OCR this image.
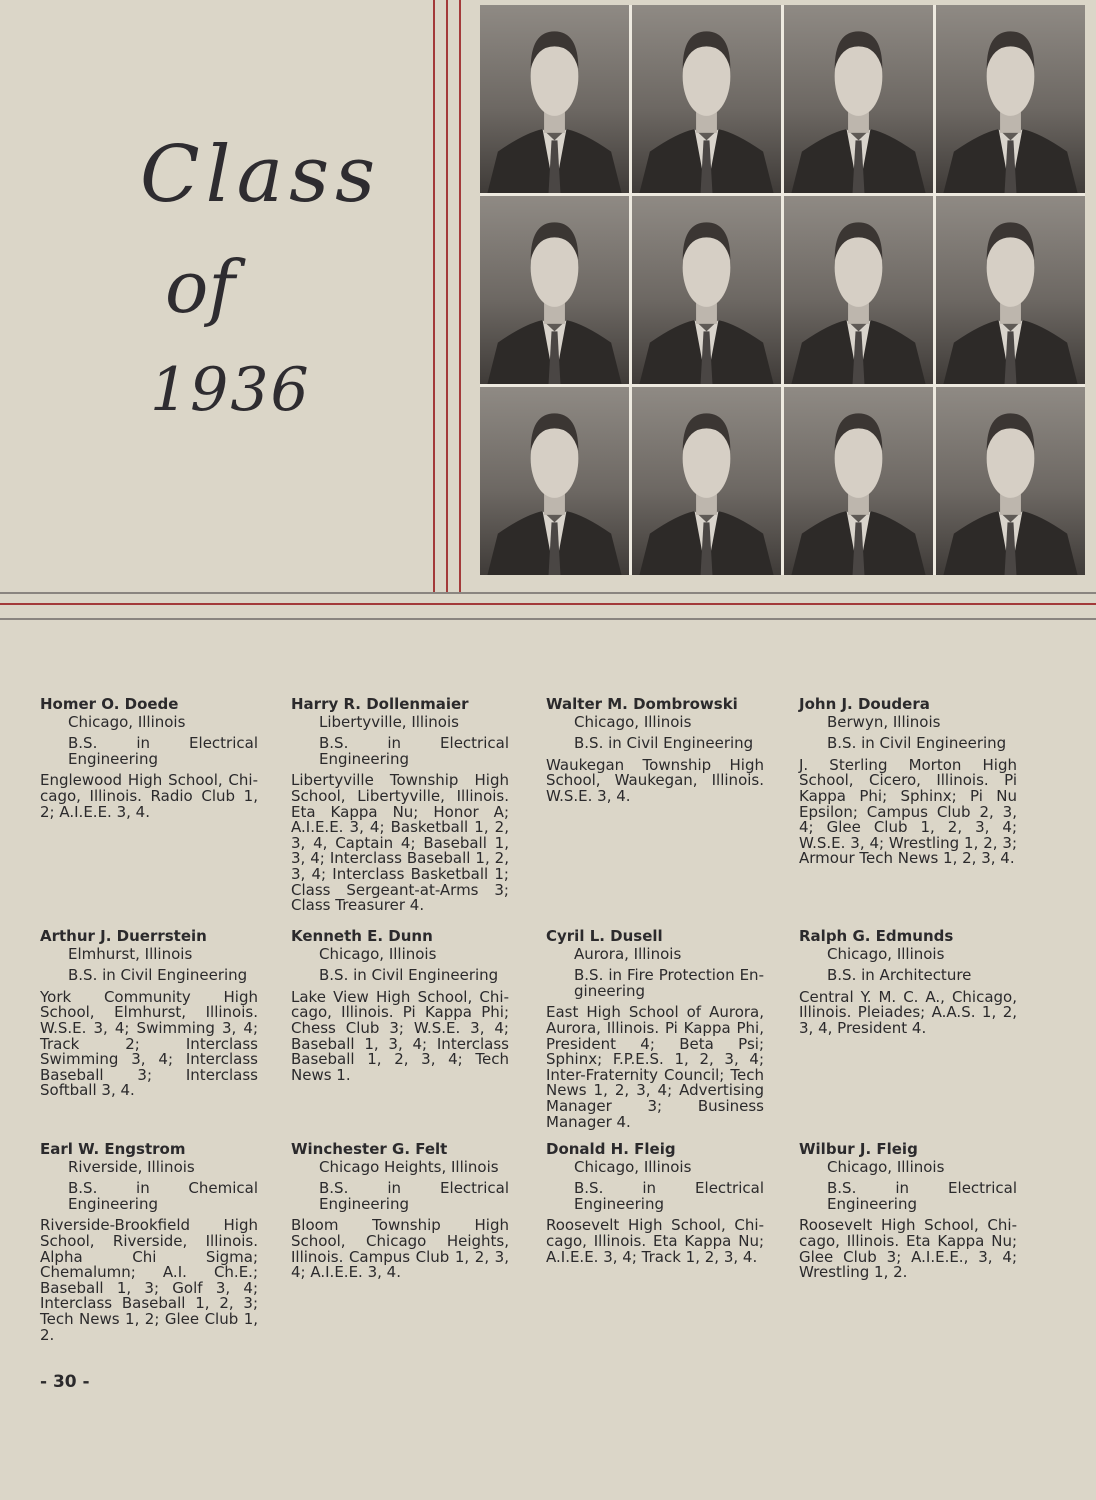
Class
of
1936
Homer O. Doede
Chicago, Illinois
B.S. in Electrical Engineering
Englewood High School, Chicago, Illinois. Radio Club 1, 2; A.I.E.E. 3, 4.
Harry R. Dollenmaier
Libertyville, Illinois
B.S. in Electrical Engineering
Libertyville Township High School, Libertyville, Illinois. Eta Kappa Nu; Honor A; A.I.E.E. 3, 4; Basketball 1, 2, 3, 4, Captain 4; Baseball 1, 3, 4; Interclass Baseball 1, 2, 3, 4; Interclass Basketball 1; Class Sergeant-at-Arms 3; Class Treasurer 4.
Walter M. Dombrowski
Chicago, Illinois
B.S. in Civil Engineering
Waukegan Township High School, Waukegan, Illinois. W.S.E. 3, 4.
John J. Doudera
Berwyn, Illinois
B.S. in Civil Engineering
J. Sterling Morton High School, Cicero, Illinois. Pi Kappa Phi; Sphinx; Pi Nu Epsilon; Campus Club 2, 3, 4; Glee Club 1, 2, 3, 4; W.S.E. 3, 4; Wrestling 1, 2, 3; Armour Tech News 1, 2, 3, 4.
Arthur J. Duerrstein
Elmhurst, Illinois
B.S. in Civil Engineering
York Community High School, Elmhurst, Illinois. W.S.E. 3, 4; Swimming 3, 4; Track 2; Interclass Swimming 3, 4; Interclass Baseball 3; Interclass Softball 3, 4.
Kenneth E. Dunn
Chicago, Illinois
B.S. in Civil Engineering
Lake View High School, Chicago, Illinois. Pi Kappa Phi; Chess Club 3; W.S.E. 3, 4; Baseball 1, 3, 4; Interclass Baseball 1, 2, 3, 4; Tech News 1.
Cyril L. Dusell
Aurora, Illinois
B.S. in Fire Protection Engineering
East High School of Aurora, Aurora, Illinois. Pi Kappa Phi, President 4; Beta Psi; Sphinx; F.P.E.S. 1, 2, 3, 4; Inter-Fraternity Council; Tech News 1, 2, 3, 4; Advertising Manager 3; Business Manager 4.
Ralph G. Edmunds
Chicago, Illinois
B.S. in Architecture
Central Y. M. C. A., Chicago, Illinois. Pleiades; A.A.S. 1, 2, 3, 4, President 4.
Earl W. Engstrom
Riverside, Illinois
B.S. in Chemical Engineering
Riverside-Brookfield High School, Riverside, Illinois. Alpha Chi Sigma; Chemalumn; A.I. Ch.E.; Baseball 1, 3; Golf 3, 4; Interclass Baseball 1, 2, 3; Tech News 1, 2; Glee Club 1, 2.
Winchester G. Felt
Chicago Heights, Illinois
B.S. in Electrical Engineering
Bloom Township High School, Chicago Heights, Illinois. Campus Club 1, 2, 3, 4; A.I.E.E. 3, 4.
Donald H. Fleig
Chicago, Illinois
B.S. in Electrical Engineering
Roosevelt High School, Chicago, Illinois. Eta Kappa Nu; A.I.E.E. 3, 4; Track 1, 2, 3, 4.
Wilbur J. Fleig
Chicago, Illinois
B.S. in Electrical Engineering
Roosevelt High School, Chicago, Illinois. Eta Kappa Nu; Glee Club 3; A.I.E.E., 3, 4; Wrestling 1, 2.
- 30 -
